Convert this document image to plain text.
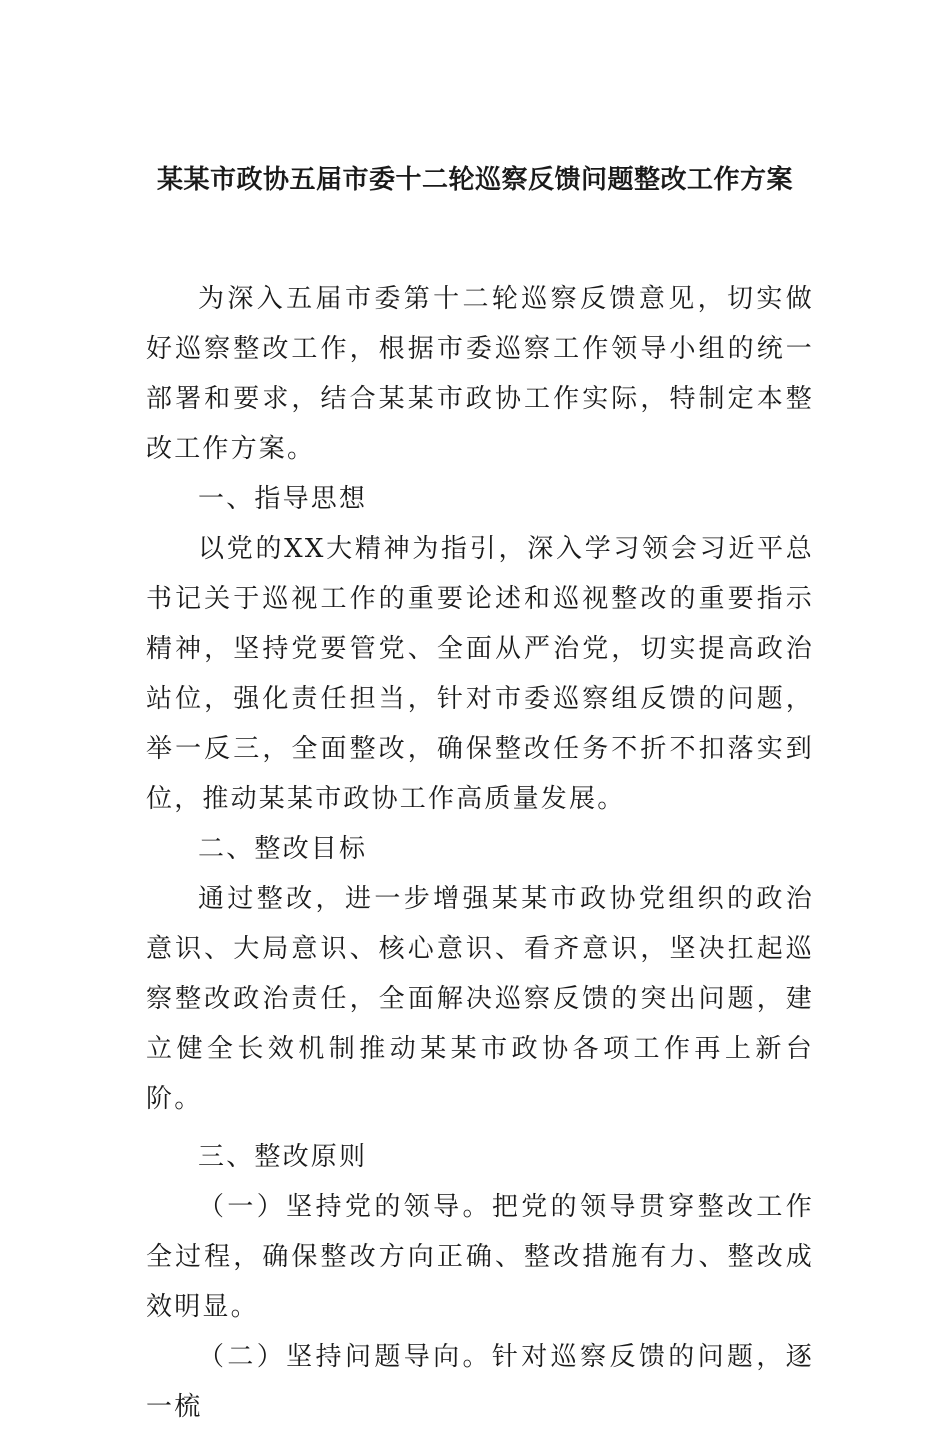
某某市政协五届市委十二轮巡察反馈问题整改工作方案

为深入五届市委第十二轮巡察反馈意见，切实做好巡察整改工作，根据市委巡察工作领导小组的统一部署和要求，结合某某市政协工作实际，特制定本整改工作方案。

一、指导思想

以党的XX大精神为指引，深入学习领会习近平总书记关于巡视工作的重要论述和巡视整改的重要指示精神，坚持党要管党、全面从严治党，切实提高政治站位，强化责任担当，针对市委巡察组反馈的问题，举一反三，全面整改，确保整改任务不折不扣落实到位，推动某某市政协工作高质量发展。

二、整改目标

通过整改，进一步增强某某市政协党组织的政治意识、大局意识、核心意识、看齐意识，坚决扛起巡察整改政治责任，全面解决巡察反馈的突出问题，建立健全长效机制推动某某市政协各项工作再上新台阶。

三、整改原则

（一）坚持党的领导。把党的领导贯穿整改工作全过程，确保整改方向正确、整改措施有力、整改成效明显。

（二）坚持问题导向。针对巡察反馈的问题，逐一梳
